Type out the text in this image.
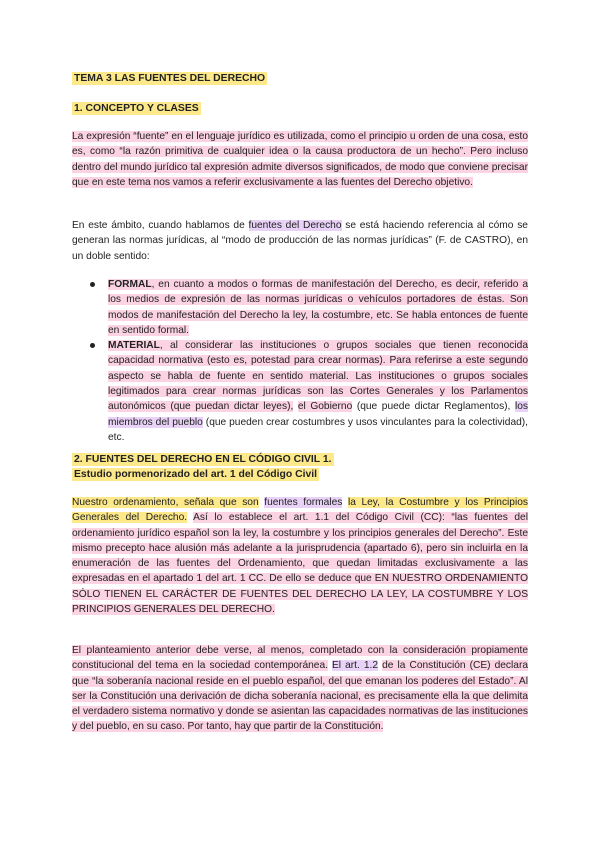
TEMA 3 LAS FUENTES DEL DERECHO
1. CONCEPTO Y CLASES

La expresión “fuente” en el lenguaje jurídico es utilizada, como el principio u orden de una cosa, esto es, como “la razón primitiva de cualquier idea o la causa productora de un hecho”. Pero incluso dentro del mundo jurídico tal expresión admite diversos significados, de modo que conviene precisar que en este tema nos vamos a referir exclusivamente a las fuentes del Derecho objetivo.

En este ámbito, cuando hablamos de fuentes del Derecho se está haciendo referencia al cómo se generan las normas jurídicas, al “modo de producción de las normas jurídicas” (F. de CASTRO), en un doble sentido:

FORMAL, en cuanto a modos o formas de manifestación del Derecho, es decir, referido a los medios de expresión de las normas jurídicas o vehículos portadores de éstas. Son modos de manifestación del Derecho la ley, la costumbre, etc. Se habla entonces de fuente en sentido formal.
MATERIAL, al considerar las instituciones o grupos sociales que tienen reconocida capacidad normativa (esto es, potestad para crear normas). Para referirse a este segundo aspecto se habla de fuente en sentido material. Las instituciones o grupos sociales legitimados para crear normas jurídicas son las Cortes Generales y los Parlamentos autonómicos (que puedan dictar leyes), el Gobierno (que puede dictar Reglamentos), los miembros del pueblo (que pueden crear costumbres y usos vinculantes para la colectividad), etc.
2. FUENTES DEL DERECHO EN EL CÓDIGO CIVIL 1.
Estudio pormenorizado del art. 1 del Código Civil

Nuestro ordenamiento, señala que son fuentes formales la Ley, la Costumbre y los Principios Generales del Derecho. Así lo establece el art. 1.1 del Código Civil (CC): “las fuentes del ordenamiento jurídico español son la ley, la costumbre y los principios generales del Derecho”. Este mismo precepto hace alusión más adelante a la jurisprudencia (apartado 6), pero sin incluirla en la enumeración de las fuentes del Ordenamiento, que quedan limitadas exclusivamente a las expresadas en el apartado 1 del art. 1 CC. De ello se deduce que EN NUESTRO ORDENAMIENTO SÓLO TIENEN EL CARÁCTER DE FUENTES DEL DERECHO LA LEY, LA COSTUMBRE Y LOS PRINCIPIOS GENERALES DEL DERECHO.

El planteamiento anterior debe verse, al menos, completado con la consideración propiamente constitucional del tema en la sociedad contemporánea. El art. 1.2 de la Constitución (CE) declara que “la soberanía nacional reside en el pueblo español, del que emanan los poderes del Estado”. Al ser la Constitución una derivación de dicha soberanía nacional, es precisamente ella la que delimita el verdadero sistema normativo y donde se asientan las capacidades normativas de las instituciones y del pueblo, en su caso. Por tanto, hay que partir de la Constitución.
